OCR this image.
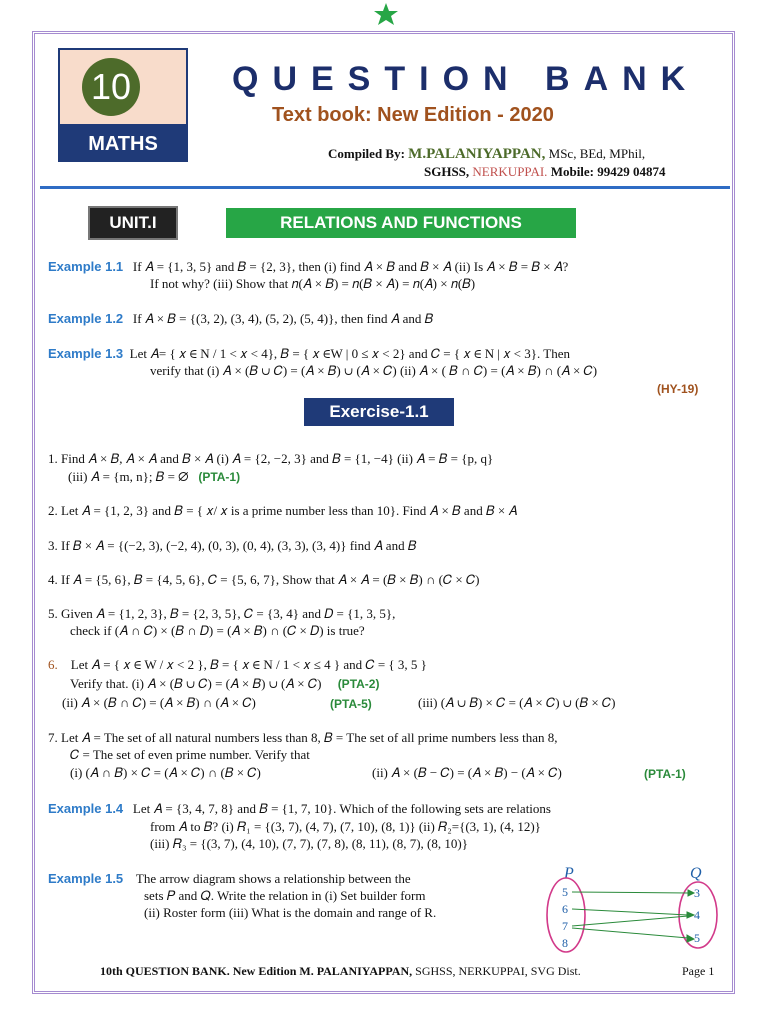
10
MATHS
QUESTION BANK
Text book: New Edition - 2020
Compiled By: M.PALANIYAPPAN, MSc, BEd, MPhil,
SGHSS, NERKUPPAI. Mobile: 99429 04874
UNIT.I	RELATIONS AND FUNCTIONS
Example 1.1 If 𝐴 = {1, 3, 5} and 𝐵 = {2, 3}, then (i) find 𝐴 × 𝐵 and 𝐵 × 𝐴 (ii) Is 𝐴 × 𝐵 = 𝐵 × 𝐴?
If not why? (iii) Show that 𝑛(𝐴 × 𝐵) = 𝑛(𝐵 × 𝐴) = 𝑛(𝐴) × 𝑛(𝐵)
Example 1.2 If 𝐴 × 𝐵 = {(3, 2), (3, 4), (5, 2), (5, 4)}, then find 𝐴 and 𝐵
Example 1.3 Let 𝐴= { 𝑥 ∈ N / 1 < 𝑥 < 4}, 𝐵 = { 𝑥 ∈W | 0 ≤ 𝑥 < 2} and 𝐶 = { 𝑥 ∈ N | 𝑥 < 3}. Then
verify that (i) 𝐴 × (𝐵 ∪ 𝐶) = (𝐴 × 𝐵) ∪ (𝐴 × 𝐶) (ii) 𝐴 × ( 𝐵 ∩ 𝐶) = (𝐴 × 𝐵) ∩ (𝐴 × 𝐶)
(HY-19)
Exercise-1.1
1. Find 𝐴 × 𝐵, 𝐴 × 𝐴 and 𝐵 × 𝐴 (i) 𝐴 = {2, −2, 3} and 𝐵 = {1, −4} (ii) 𝐴 = 𝐵 = {p, q}
(iii) 𝐴 = {m, n}; 𝐵 = ∅ (PTA-1)
2. Let 𝐴 = {1, 2, 3} and 𝐵 = { 𝑥/ 𝑥 is a prime number less than 10}. Find 𝐴 × 𝐵 and 𝐵 × 𝐴
3. If 𝐵 × 𝐴 = {(−2, 3), (−2, 4), (0, 3), (0, 4), (3, 3), (3, 4)} find 𝐴 and 𝐵
4. If 𝐴 = {5, 6}, 𝐵 = {4, 5, 6}, 𝐶 = {5, 6, 7}, Show that 𝐴 × 𝐴 = (𝐵 × 𝐵) ∩ (𝐶 × 𝐶)
5. Given 𝐴 = {1, 2, 3}, 𝐵 = {2, 3, 5}, 𝐶 = {3, 4} and 𝐷 = {1, 3, 5},
check if (𝐴 ∩ 𝐶) × (𝐵 ∩ 𝐷) = (𝐴 × 𝐵) ∩ (𝐶 × 𝐷) is true?
6. Let 𝐴 = { 𝑥 ∈ W / 𝑥 < 2 }, 𝐵 = { 𝑥 ∈ N / 1 < 𝑥 ≤ 4 } and 𝐶 = { 3, 5 }
Verify that. (i) 𝐴 × (𝐵 ∪ 𝐶) = (𝐴 × 𝐵) ∪ (𝐴 × 𝐶) (PTA-2)
(ii) 𝐴 × (𝐵 ∩ 𝐶) = (𝐴 × 𝐵) ∩ (𝐴 × 𝐶)	(PTA-5)	(iii) (𝐴 ∪ 𝐵) × 𝐶 = (𝐴 × 𝐶) ∪ (𝐵 × 𝐶)
7. Let 𝐴 = The set of all natural numbers less than 8, 𝐵 = The set of all prime numbers less than 8,
𝐶 = The set of even prime number. Verify that
(i) (𝐴 ∩ 𝐵) × 𝐶 = (𝐴 × 𝐶) ∩ (𝐵 × 𝐶)	(ii) 𝐴 × (𝐵 − 𝐶) = (𝐴 × 𝐵) − (𝐴 × 𝐶)	(PTA-1)
Example 1.4 Let 𝐴 = {3, 4, 7, 8} and 𝐵 = {1, 7, 10}. Which of the following sets are relations
from 𝐴 to 𝐵? (i) 𝑅₁ = {(3, 7), (4, 7), (7, 10), (8, 1)} (ii) 𝑅₂={(3, 1), (4, 12)}
(iii) 𝑅₃ = {(3, 7), (4, 10), (7, 7), (7, 8), (8, 11), (8, 7), (8, 10)}
Example 1.5 The arrow diagram shows a relationship between the
sets 𝑃 and 𝑄. Write the relation in (i) Set builder form
(ii) Roster form (iii) What is the domain and range of R.
P	Q
5
6
7
8
3
4
5
10th QUESTION BANK. New Edition M. PALANIYAPPAN, SGHSS, NERKUPPAI, SVG Dist.	Page 1
